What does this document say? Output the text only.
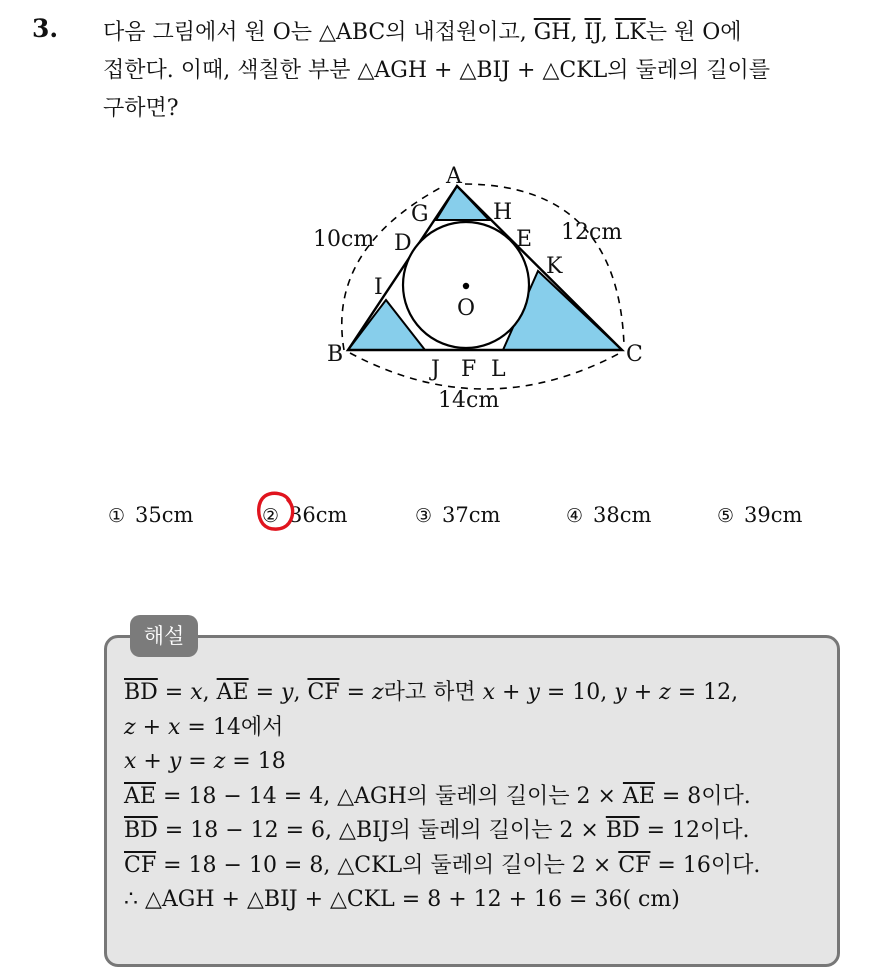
3. 다음 그림에서 원 O는 △ABC의 내접원이고, $\overline{GH}$, $\overline{IJ}$, $\overline{LK}$는 원 O에
접한다. 이때, 색칠한 부분 △AGH + △BIJ + △CKL의 둘레의 길이를
구하면?
A
G	H
D	E
K
I
O
B	C
J F L
10cm	12cm
14cm
① 35cm	② 36cm	③ 37cm	④ 38cm	⑤ 39cm
해설
$\overline{BD} = x$, $\overline{AE} = y$, $\overline{CF} = z$라고 하면 x + y = 10, y + z = 12,
z + x = 14에서
x + y = z = 18
$\overline{AE} = 18 - 14 = 4$, △AGH의 둘레의 길이는 $2 \times \overline{AE} = 8$이다.
$\overline{BD} = 18 - 12 = 6$, △BIJ의 둘레의 길이는 $2 \times \overline{BD} = 12$이다.
$\overline{CF} = 18 - 10 = 8$, △CKL의 둘레의 길이는 $2 \times \overline{CF} = 16$이다.
∴ △AGH + △BIJ + △CKL = 8 + 12 + 16 = 36( cm)
